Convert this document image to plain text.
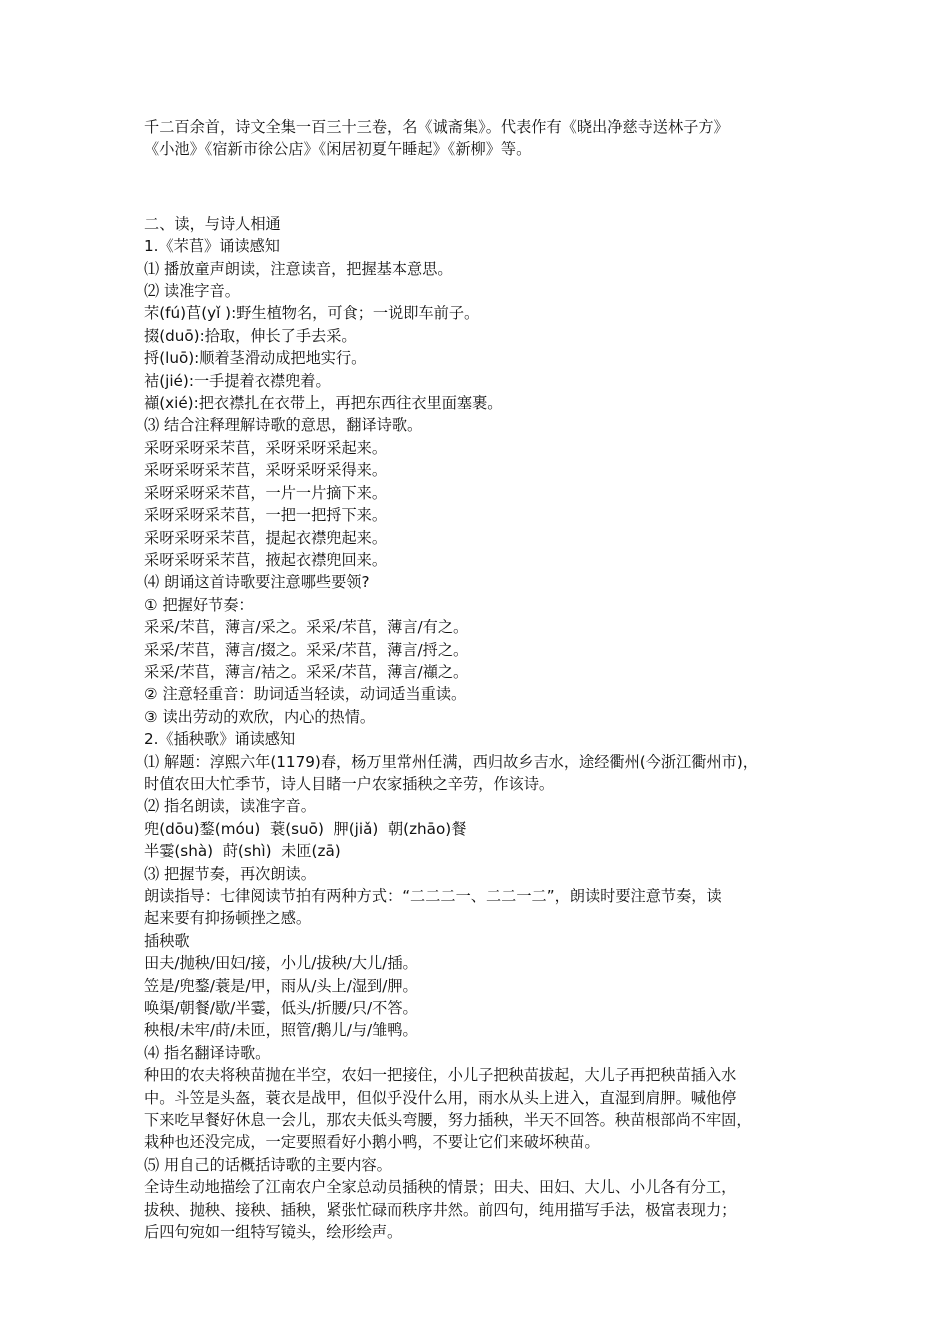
千二百余首，诗文全集一百三十三卷，名《诚斋集》。代表作有《晓出净慈寺送林子方》
《小池》《宿新市徐公店》《闲居初夏午睡起》《新柳》等。
二、读，与诗人相通
1.《芣苢》诵读感知
⑴ 播放童声朗读，注意读音，把握基本意思。
⑵ 读准字音。
芣(fú)苢(yǐ ):野生植物名，可食；一说即车前子。
掇(duō):拾取，伸长了手去采。
捋(luō):顺着茎滑动成把地实行。
袺(jié):一手提着衣襟兜着。
襭(xié):把衣襟扎在衣带上，再把东西往衣里面塞裹。
⑶ 结合注释理解诗歌的意思，翻译诗歌。
采呀采呀采芣苢，采呀采呀采起来。
采呀采呀采芣苢，采呀采呀采得来。
采呀采呀采芣苢，一片一片摘下来。
采呀采呀采芣苢，一把一把捋下来。
采呀采呀采芣苢，提起衣襟兜起来。
采呀采呀采芣苢，掖起衣襟兜回来。
⑷ 朗诵这首诗歌要注意哪些要领?
① 把握好节奏：
采采/芣苢，薄言/采之。采采/芣苢，薄言/有之。
采采/芣苢，薄言/掇之。采采/芣苢，薄言/捋之。
采采/芣苢，薄言/袺之。采采/芣苢，薄言/襭之。
② 注意轻重音：助词适当轻读，动词适当重读。
③ 读出劳动的欢欣，内心的热情。
2.《插秧歌》诵读感知
⑴ 解题：淳熙六年(1179)春，杨万里常州任满，西归故乡吉水，途经衢州(今浙江衢州市)，
时值农田大忙季节，诗人目睹一户农家插秧之辛劳，作该诗。
⑵ 指名朗读，读准字音。
兜(dōu)鍪(móu)  蓑(suō)  胛(jiǎ)  朝(zhāo)餐
半霎(shà)  莳(shì)  未匝(zā)
⑶ 把握节奏，再次朗读。
朗读指导：七律阅读节拍有两种方式：“二二二一、二二一二”，朗读时要注意节奏，读
起来要有抑扬顿挫之感。
插秧歌
田夫/抛秧/田妇/接，小儿/拔秧/大儿/插。
笠是/兜鍪/蓑是/甲，雨从/头上/湿到/胛。
唤渠/朝餐/歇/半霎，低头/折腰/只/不答。
秧根/未牢/莳/未匝，照管/鹅儿/与/雏鸭。
⑷ 指名翻译诗歌。
种田的农夫将秧苗抛在半空，农妇一把接住，小儿子把秧苗拔起，大儿子再把秧苗插入水
中。斗笠是头盔，蓑衣是战甲，但似乎没什么用，雨水从头上进入，直湿到肩胛。喊他停
下来吃早餐好休息一会儿，那农夫低头弯腰，努力插秧，半天不回答。秧苗根部尚不牢固，
栽种也还没完成，一定要照看好小鹅小鸭，不要让它们来破坏秧苗。
⑸ 用自己的话概括诗歌的主要内容。
全诗生动地描绘了江南农户全家总动员插秧的情景；田夫、田妇、大儿、小儿各有分工，
拔秧、抛秧、接秧、插秧，紧张忙碌而秩序井然。前四句，纯用描写手法，极富表现力；
后四句宛如一组特写镜头，绘形绘声。
